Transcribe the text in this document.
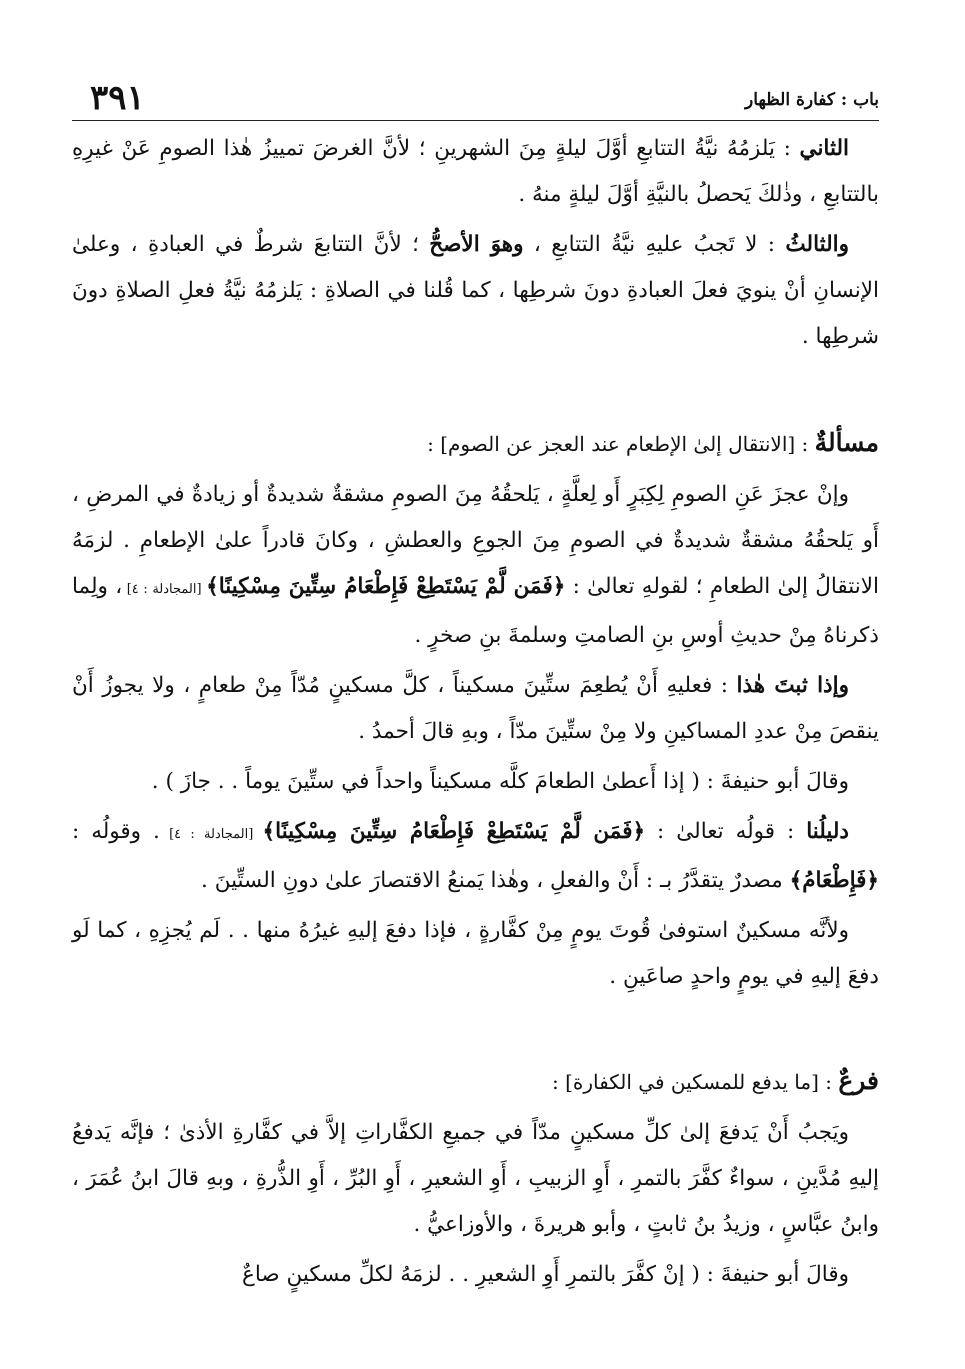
باب : كفارة الظهار
٣٩١

الثاني : يَلزمُهُ نيَّةُ التتابعِ أوَّلَ ليلةٍ مِنَ الشهرينِ ؛ لأنَّ الغرضَ تمييزُ هٰذا الصومِ عَنْ غيرِهِ بالتتابعِ ، وذٰلكَ يَحصلُ بالنيَّةِ أوَّلَ ليلةٍ منهُ .

والثالثُ : لا تَجبُ عليهِ نيَّةُ التتابعِ ، وهوَ الأصحُّ ؛ لأنَّ التتابعَ شرطٌ في العبادةِ ، وعلىٰ الإنسانِ أنْ ينويَ فعلَ العبادةِ دونَ شرطِها ، كما قُلنا في الصلاةِ : يَلزمُهُ نيَّةُ فعلِ الصلاةِ دونَ شرطِها .

مسألةٌ : [الانتقال إلىٰ الإطعام عند العجز عن الصوم] :

وإنْ عجزَ عَنِ الصومِ لِكِبَرٍ أَو لِعلَّةٍ ، يَلحقُهُ مِنَ الصومِ مشقةٌ شديدةٌ أو زيادةٌ في المرضِ ، أَو يَلحقُهُ مشقةٌ شديدةٌ في الصومِ مِنَ الجوعِ والعطشِ ، وكانَ قادراً علىٰ الإطعامِ . لزمَهُ الانتقالُ إلىٰ الطعامِ ؛ لقولهِ تعالىٰ : ﴿فَمَن لَّمْ يَسْتَطِعْ فَإِطْعَامُ سِتِّينَ مِسْكِينًا﴾ [المجادلة : ٤] ، ولِما ذكرناهُ مِنْ حديثِ أوسِ بنِ الصامتِ وسلمةَ بنِ صخرٍ .

وإذا ثبتَ هٰذا : فعليهِ أَنْ يُطعِمَ ستِّينَ مسكيناً ، كلَّ مسكينٍ مُدّاً مِنْ طعامٍ ، ولا يجوزُ أَنْ ينقصَ مِنْ عددِ المساكينِ ولا مِنْ ستِّينَ مدّاً ، وبهِ قالَ أحمدُ .

وقالَ أبو حنيفةَ : ( إذا أَعطىٰ الطعامَ كلَّه مسكيناً واحداً في ستِّينَ يوماً . . جازَ ) .

دليلُنا : قولُه تعالىٰ : ﴿فَمَن لَّمْ يَسْتَطِعْ فَإِطْعَامُ سِتِّينَ مِسْكِينًا﴾ [المجادلة : ٤] . وقولُه : ﴿فَإِطْعَامُ﴾ مصدرٌ يتقدَّرُ بـ : أَنْ والفعلِ ، وهٰذا يَمنعُ الاقتصارَ علىٰ دونِ الستِّينَ .

ولأنَّه مسكينٌ استوفىٰ قُوتَ يومٍ مِنْ كفَّارةٍ ، فإذا دفعَ إليهِ غيرُهُ منها . . لَم يُجزِهِ ، كما لَو دفعَ إليهِ في يومٍ واحدٍ صاعَينِ .

فرعٌ : [ما يدفع للمسكين في الكفارة] :

ويَجبُ أَنْ يَدفعَ إلىٰ كلِّ مسكينٍ مدّاً في جميعِ الكفَّاراتِ إلاَّ في كفَّارةِ الأذىٰ ؛ فإنَّه يَدفعُ إليهِ مُدَّينِ ، سواءٌ كفَّرَ بالتمرِ ، أَوِ الزبيبِ ، أَوِ الشعيرِ ، أَوِ البُرِّ ، أَوِ الذُّرةِ ، وبهِ قالَ ابنُ عُمَرَ ، وابنُ عبَّاسٍ ، وزيدُ بنُ ثابتٍ ، وأبو هريرةَ ، والأوزاعيُّ .

وقالَ أبو حنيفةَ : ( إنْ كفَّرَ بالتمرِ أَوِ الشعيرِ . . لزمَهُ لكلِّ مسكينٍ صاعٌ
